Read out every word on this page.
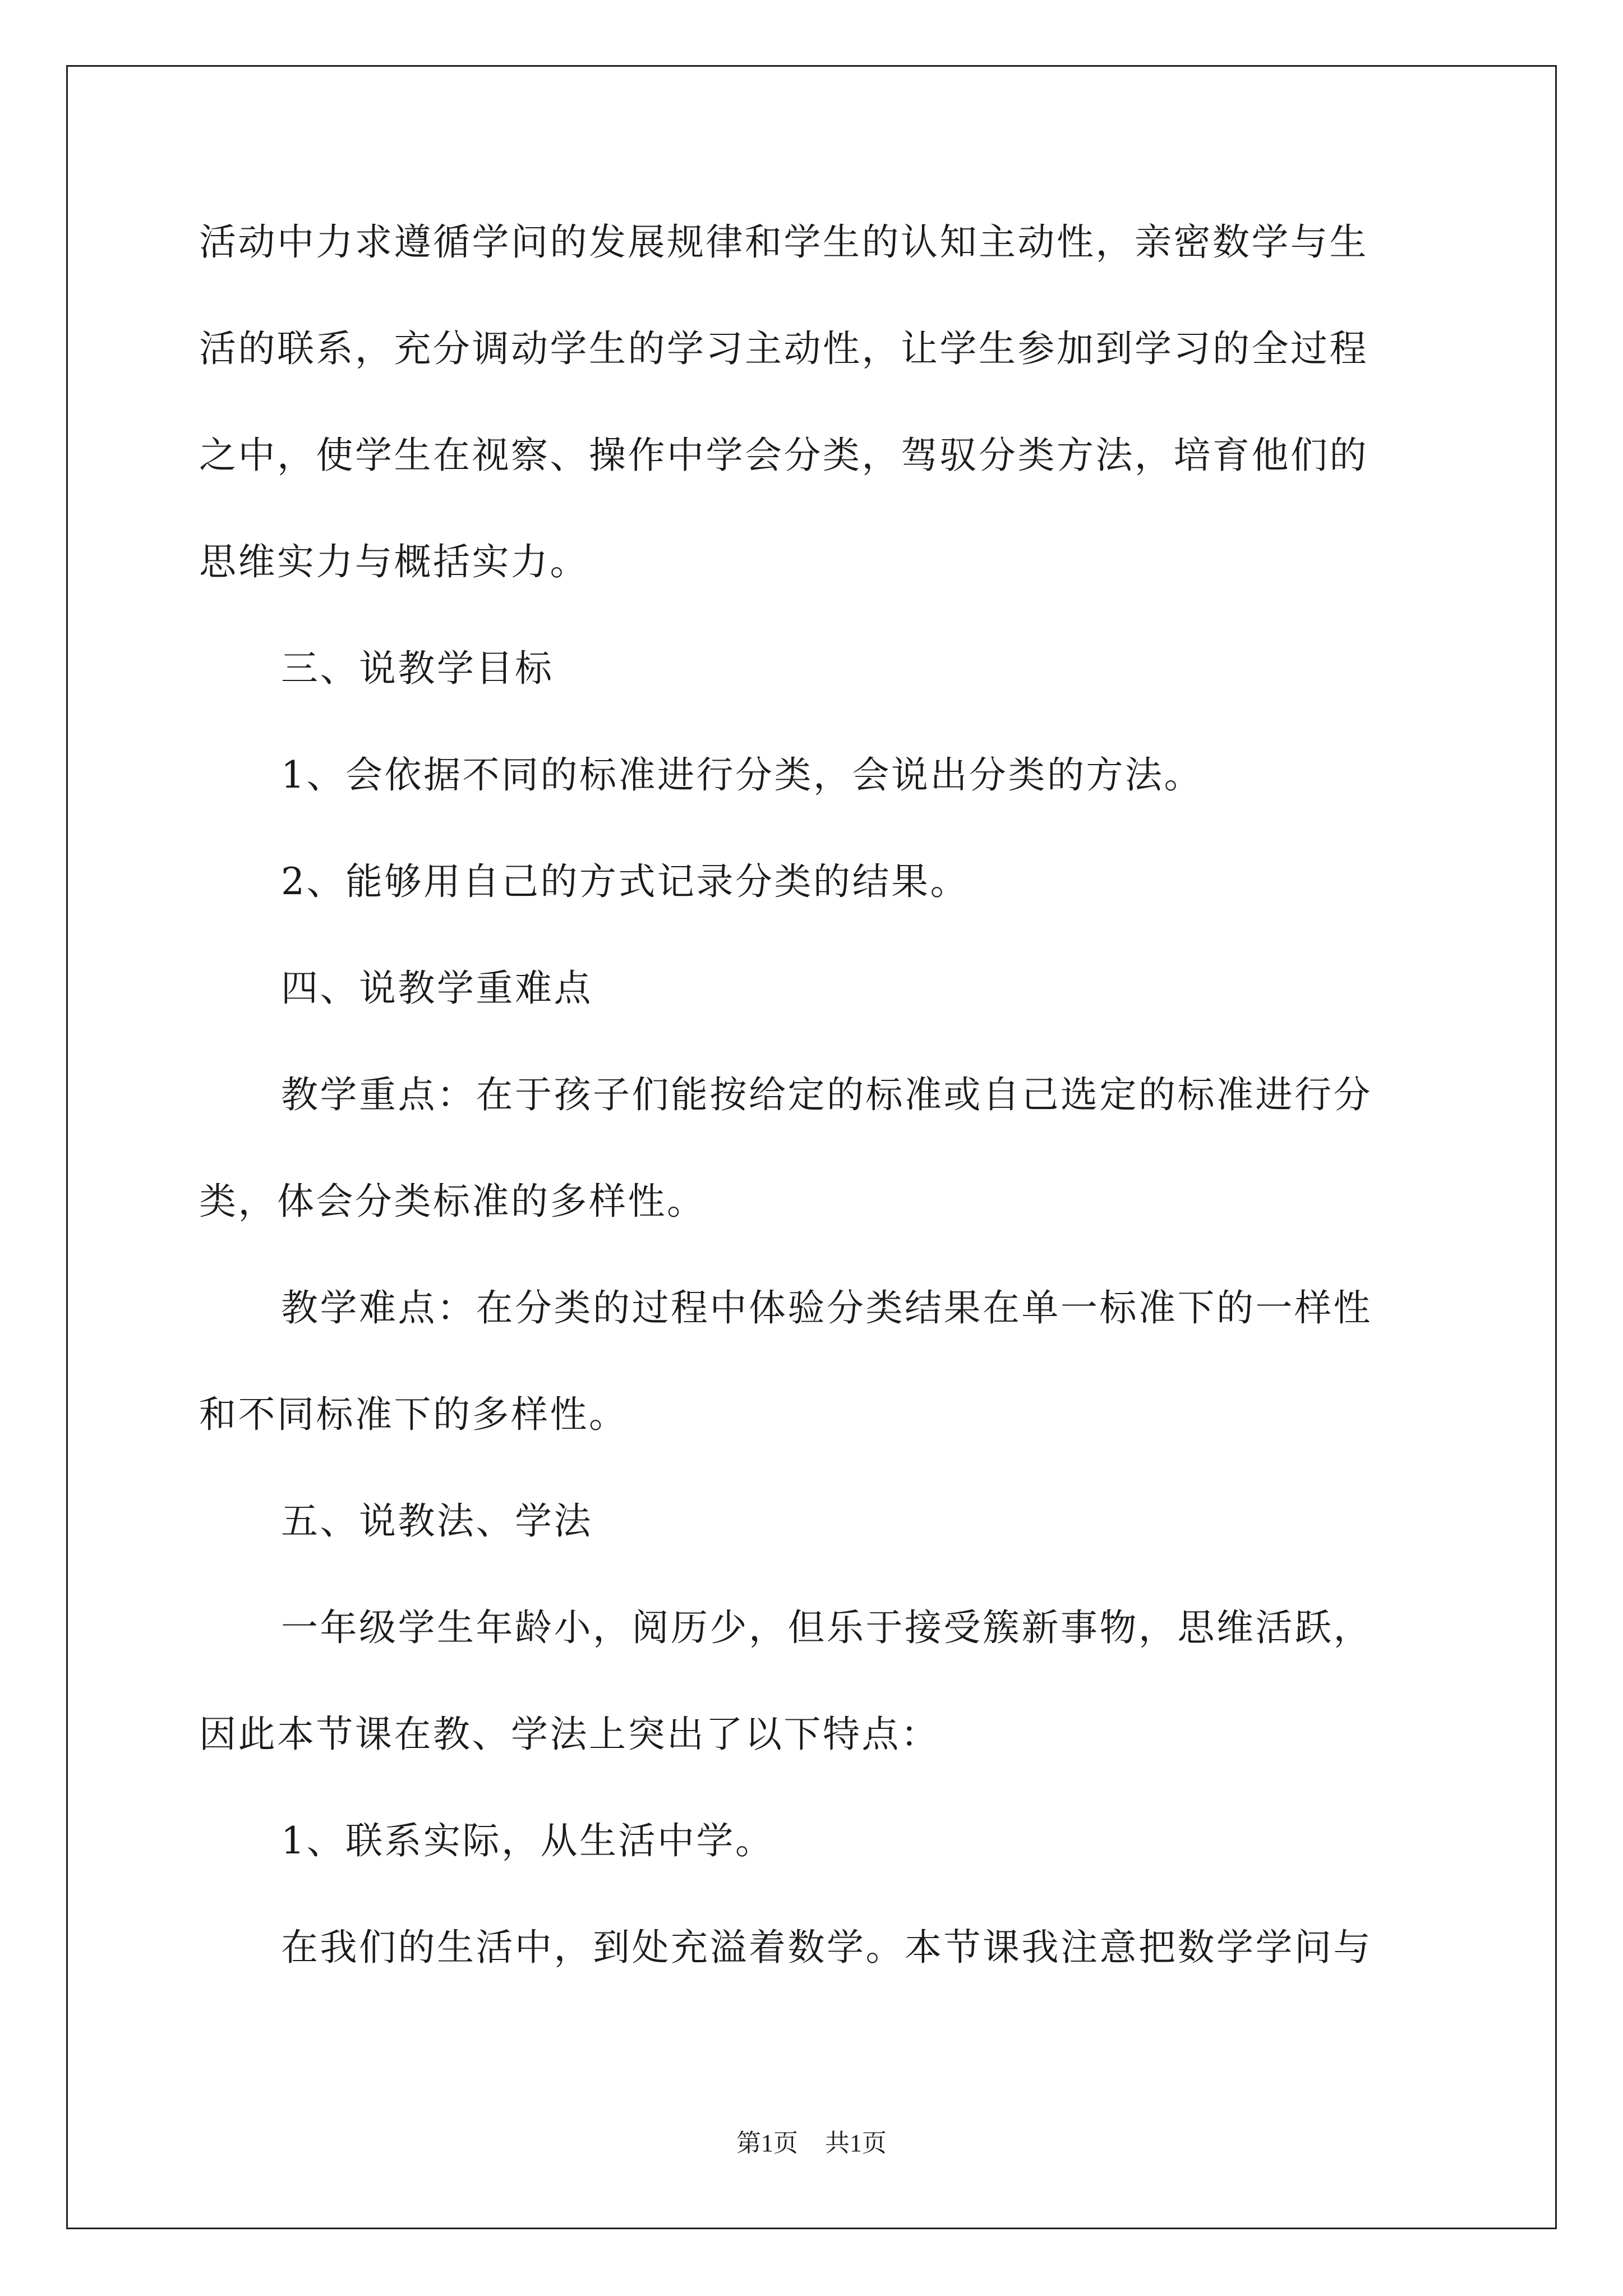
活动中力求遵循学问的发展规律和学生的认知主动性，亲密数学与生
活的联系，充分调动学生的学习主动性，让学生参加到学习的全过程
之中，使学生在视察、操作中学会分类，驾驭分类方法，培育他们的
思维实力与概括实力。
三、说教学目标
1、会依据不同的标准进行分类，会说出分类的方法。
2、能够用自己的方式记录分类的结果。
四、说教学重难点
教学重点：在于孩子们能按给定的标准或自己选定的标准进行分
类，体会分类标准的多样性。
教学难点：在分类的过程中体验分类结果在单一标准下的一样性
和不同标准下的多样性。
五、说教法、学法
一年级学生年龄小，阅历少，但乐于接受簇新事物，思维活跃，
因此本节课在教、学法上突出了以下特点：
1、联系实际，从生活中学。
在我们的生活中，到处充溢着数学。本节课我注意把数学学问与
第1页 共1页
